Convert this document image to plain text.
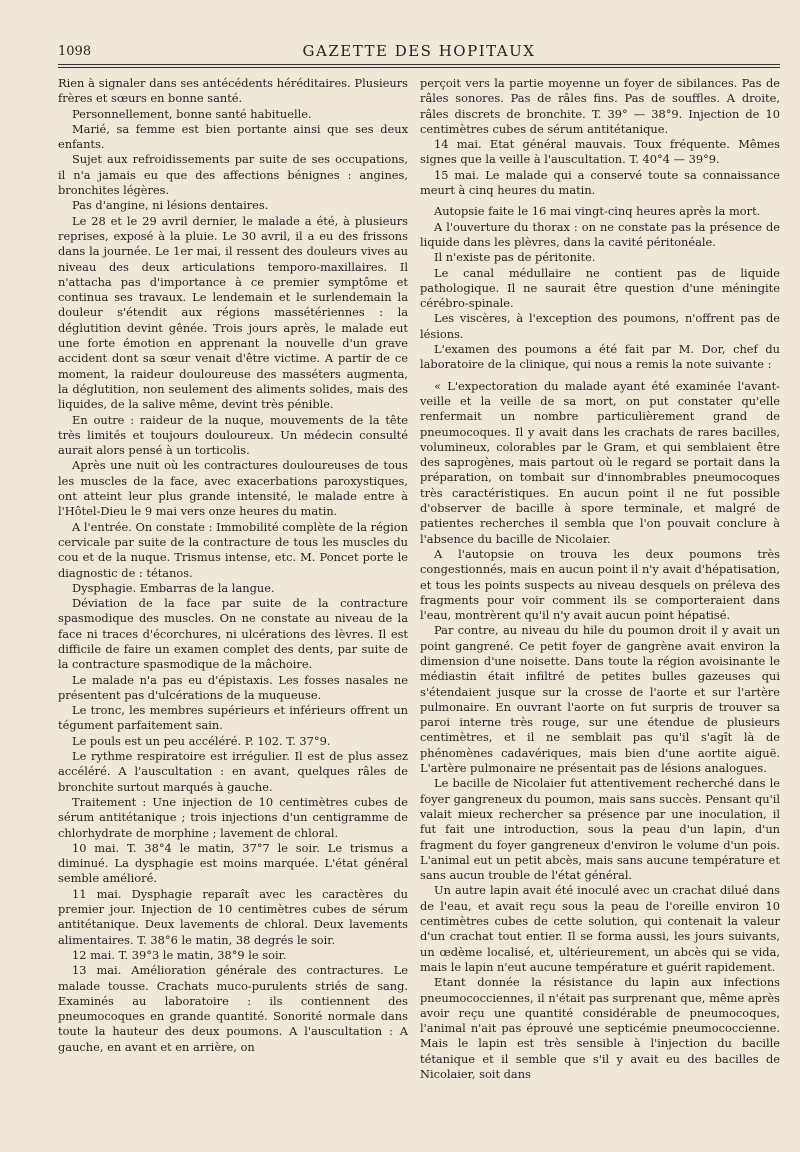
1098	GAZETTE DES HOPITAUX

Rien à signaler dans ses antécédents héréditaires. Plusieurs frères et sœurs en bonne santé.

Personnellement, bonne santé habituelle.

Marié, sa femme est bien portante ainsi que ses deux enfants.

Sujet aux refroidissements par suite de ses occupations, il n'a jamais eu que des affections bénignes : angines, bronchites légères.

Pas d'angine, ni lésions dentaires.

Le 28 et le 29 avril dernier, le malade a été, à plusieurs reprises, exposé à la pluie. Le 30 avril, il a eu des frissons dans la journée. Le 1er mai, il ressent des douleurs vives au niveau des deux articulations temporo-maxillaires. Il n'attacha pas d'importance à ce premier symptôme et continua ses travaux. Le lendemain et le surlendemain la douleur s'étendit aux régions massétériennes : la déglutition devint gênée. Trois jours après, le malade eut une forte émotion en apprenant la nouvelle d'un grave accident dont sa sœur venait d'être victime. A partir de ce moment, la raideur douloureuse des masséters augmenta, la déglutition, non seulement des aliments solides, mais des liquides, de la salive même, devint très pénible.

En outre : raideur de la nuque, mouvements de la tête très limités et toujours douloureux. Un médecin consulté aurait alors pensé à un torticolis.

Après une nuit où les contractures douloureuses de tous les muscles de la face, avec exacerbations paroxystiques, ont atteint leur plus grande intensité, le malade entre à l'Hôtel-Dieu le 9 mai vers onze heures du matin.

A l'entrée. On constate : Immobilité complète de la région cervicale par suite de la contracture de tous les muscles du cou et de la nuque. Trismus intense, etc. M. Poncet porte le diagnostic de : tétanos.

Dysphagie. Embarras de la langue.

Déviation de la face par suite de la contracture spasmodique des muscles. On ne constate au niveau de la face ni traces d'écorchures, ni ulcérations des lèvres. Il est difficile de faire un examen complet des dents, par suite de la contracture spasmodique de la mâchoire.

Le malade n'a pas eu d'épistaxis. Les fosses nasales ne présentent pas d'ulcérations de la muqueuse.

Le tronc, les membres supérieurs et inférieurs offrent un tégument parfaitement sain.

Le pouls est un peu accéléré. P. 102. T. 37°9.

Le rythme respiratoire est irrégulier. Il est de plus assez accéléré. A l'auscultation : en avant, quelques râles de bronchite surtout marqués à gauche.

Traitement : Une injection de 10 centimètres cubes de sérum antitétanique ; trois injections d'un centigramme de chlorhydrate de morphine ; lavement de chloral.

10 mai. T. 38°4 le matin, 37°7 le soir. Le trismus a diminué. La dysphagie est moins marquée. L'état général semble amélioré.

11 mai. Dysphagie reparaît avec les caractères du premier jour. Injection de 10 centimètres cubes de sérum antitétanique. Deux lavements de chloral. Deux lavements alimentaires. T. 38°6 le matin, 38 degrés le soir.

12 mai. T. 39°3 le matin, 38°9 le soir.

13 mai. Amélioration générale des contractures. Le malade tousse. Crachats muco-purulents striés de sang. Examinés au laboratoire : ils contiennent des pneumocoques en grande quantité. Sonorité normale dans toute la hauteur des deux poumons. A l'auscultation : A gauche, en avant et en arrière, on

perçoit vers la partie moyenne un foyer de sibilances. Pas de râles sonores. Pas de râles fins. Pas de souffles. A droite, râles discrets de bronchite. T. 39° — 38°9. Injection de 10 centimètres cubes de sérum antitétanique.

14 mai. Etat général mauvais. Toux fréquente. Mêmes signes que la veille à l'auscultation. T. 40°4 — 39°9.

15 mai. Le malade qui a conservé toute sa connaissance meurt à cinq heures du matin.

Autopsie faite le 16 mai vingt-cinq heures après la mort.

A l'ouverture du thorax : on ne constate pas la présence de liquide dans les plèvres, dans la cavité péritonéale.

Il n'existe pas de péritonite.

Le canal médullaire ne contient pas de liquide pathologique. Il ne saurait être question d'une méningite cérébro-spinale.

Les viscères, à l'exception des poumons, n'offrent pas de lésions.

L'examen des poumons a été fait par M. Dor, chef du laboratoire de la clinique, qui nous a remis la note suivante :

« L'expectoration du malade ayant été examinée l'avant-veille et la veille de sa mort, on put constater qu'elle renfermait un nombre particulièrement grand de pneumocoques. Il y avait dans les crachats de rares bacilles, volumineux, colorables par le Gram, et qui semblaient être des saprogènes, mais partout où le regard se portait dans la préparation, on tombait sur d'innombrables pneumocoques très caractéristiques. En aucun point il ne fut possible d'observer de bacille à spore terminale, et malgré de patientes recherches il sembla que l'on pouvait conclure à l'absence du bacille de Nicolaier.

A l'autopsie on trouva les deux poumons très congestionnés, mais en aucun point il n'y avait d'hépatisation, et tous les points suspects au niveau desquels on préleva des fragments pour voir comment ils se comporteraient dans l'eau, montrèrent qu'il n'y avait aucun point hépatisé.

Par contre, au niveau du hile du poumon droit il y avait un point gangrené. Ce petit foyer de gangrène avait environ la dimension d'une noisette. Dans toute la région avoisinante le médiastin était infiltré de petites bulles gazeuses qui s'étendaient jusque sur la crosse de l'aorte et sur l'artère pulmonaire. En ouvrant l'aorte on fut surpris de trouver sa paroi interne très rouge, sur une étendue de plusieurs centimètres, et il ne semblait pas qu'il s'agît là de phénomènes cadavériques, mais bien d'une aortite aiguë. L'artère pulmonaire ne présentait pas de lésions analogues.

Le bacille de Nicolaier fut attentivement recherché dans le foyer gangreneux du poumon, mais sans succès. Pensant qu'il valait mieux rechercher sa présence par une inoculation, il fut fait une introduction, sous la peau d'un lapin, d'un fragment du foyer gangreneux d'environ le volume d'un pois. L'animal eut un petit abcès, mais sans aucune température et sans aucun trouble de l'état général.

Un autre lapin avait été inoculé avec un crachat dilué dans de l'eau, et avait reçu sous la peau de l'oreille environ 10 centimètres cubes de cette solution, qui contenait la valeur d'un crachat tout entier. Il se forma aussi, les jours suivants, un œdème localisé, et, ultérieurement, un abcès qui se vida, mais le lapin n'eut aucune température et guérit rapidement.

Etant donnée la résistance du lapin aux infections pneumococciennes, il n'était pas surprenant que, même après avoir reçu une quantité considérable de pneumocoques, l'animal n'ait pas éprouvé une septicémie pneumococcienne. Mais le lapin est très sensible à l'injection du bacille tétanique et il semble que s'il y avait eu des bacilles de Nicolaier, soit dans
